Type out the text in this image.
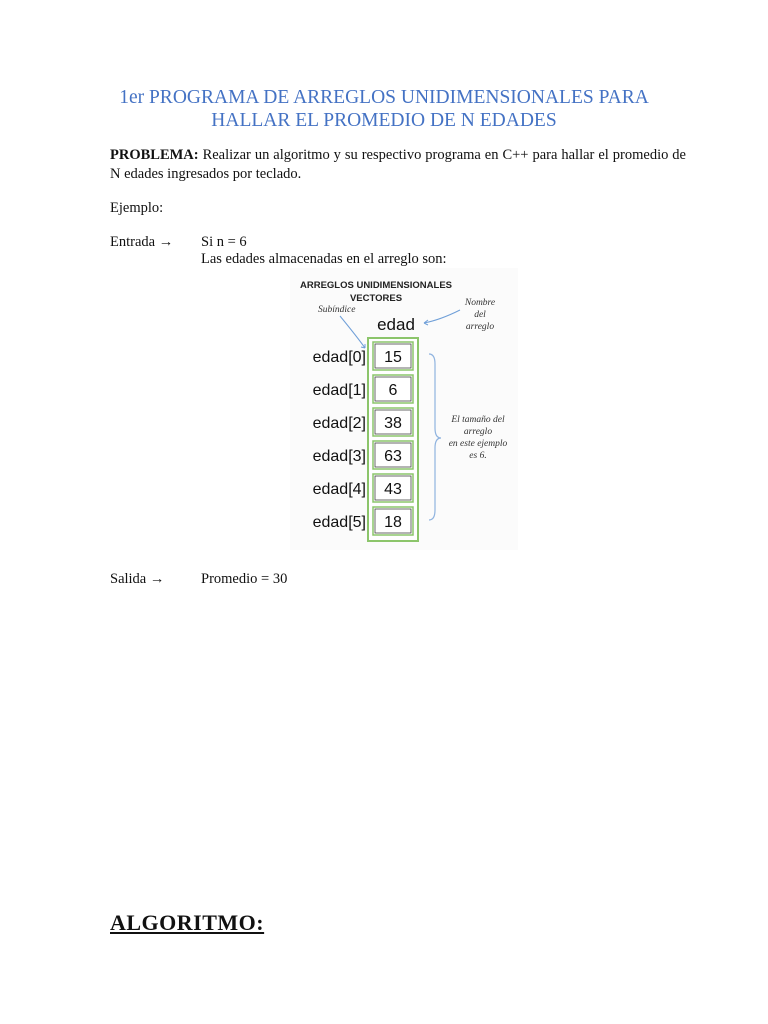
1er PROGRAMA DE ARREGLOS UNIDIMENSIONALES PARA
HALLAR EL PROMEDIO DE N EDADES
PROBLEMA: Realizar un algoritmo y su respectivo programa en C++ para hallar el promedio de N edades ingresados por teclado.
Ejemplo:
Entrada → Si n = 6
Las edades almacenadas en el arreglo son:
ARREGLOS UNIDIMENSIONALES
VECTORES
Subíndice
Nombre
del
arreglo
edad
15
edad[0]
6
edad[1]
38
edad[2]
63
edad[3]
43
edad[4]
18
edad[5]
El tamaño del
arreglo
en este ejemplo
es 6.
Salida →	Promedio = 30
ALGORITMO:
